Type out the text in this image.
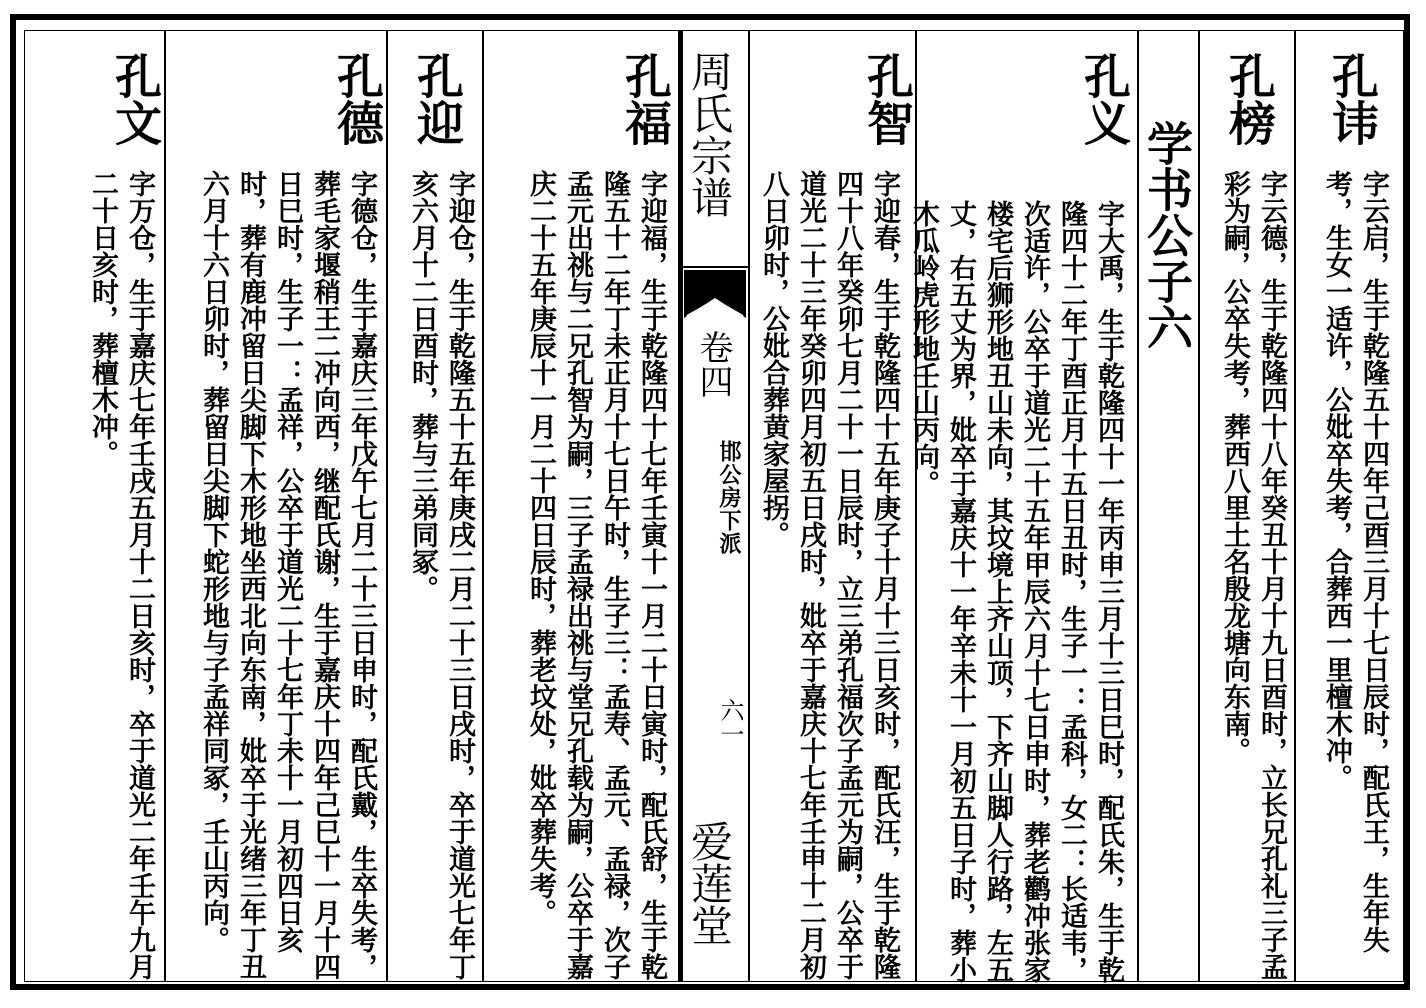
孔讳
字云启，生于乾隆五十四年己酉三月十七日辰时，配氏王，生年失考，生女一适许，公妣卒失考，合葬西一里檀木冲。
孔榜
字云德，生于乾隆四十八年癸丑十月十九日酉时，立长兄孔礼三子孟彩为嗣，公卒失考，葬西八里土名殷龙塘向东南。
学书公子六
孔义
字大禹，生于乾隆四十一年丙申三月十三日巳时，配氏朱，生于乾隆四十二年丁酉正月十五日丑时，生子一：孟科，女二：长适韦，次适许，公卒于道光二十五年甲辰六月十七日申时，葬老鹳冲张家楼宅后狮形地丑山未向，其坟境上齐山顶，下齐山脚人行路，左五丈，右五丈为界，妣卒于嘉庆十一年辛未十一月初五日子时，葬小木瓜岭虎形地壬山丙向。
孔智
字迎春，生于乾隆四十五年庚子十月十三日亥时，配氏汪，生于乾隆四十八年癸卯七月二十一日辰时，立三弟孔福次子孟元为嗣，公卒于道光二十三年癸卯四月初五日戌时，妣卒于嘉庆十七年壬申十二月初八日卯时，公妣合葬黄家屋拐。
周氏宗谱
卷四
邯公房下派
六一
爱莲堂
孔福
字迎福，生于乾隆四十七年壬寅十一月二十日寅时，配氏舒，生于乾隆五十二年丁未正月十七日午时，生子三：孟寿、孟元、孟禄，次子孟元出祧与二兄孔智为嗣，三子孟禄出祧与堂兄孔载为嗣，公卒于嘉庆二十五年庚辰十一月二十四日辰时，葬老坟处，妣卒葬失考。
孔迎
字迎仓，生于乾隆五十五年庚戌二月二十三日戌时，卒于道光七年丁亥六月十二日酉时，葬与三弟同冢。
孔德
字德仓，生于嘉庆三年戊午七月二十三日申时，配氏戴，生卒失考，葬毛家堰稍王二冲向西，继配氏谢，生于嘉庆十四年己巳十一月十四日巳时，生子一：孟祥，公卒于道光二十七年丁未十一月初四日亥时，葬有鹿冲留日尖脚下木形地坐西北向东南，妣卒于光绪三年丁丑六月十六日卯时，葬留日尖脚下蛇形地与子孟祥同冢，壬山丙向。
孔文
字万仓，生于嘉庆七年壬戌五月十二日亥时，卒于道光二年壬午九月二十日亥时，葬檀木冲。
